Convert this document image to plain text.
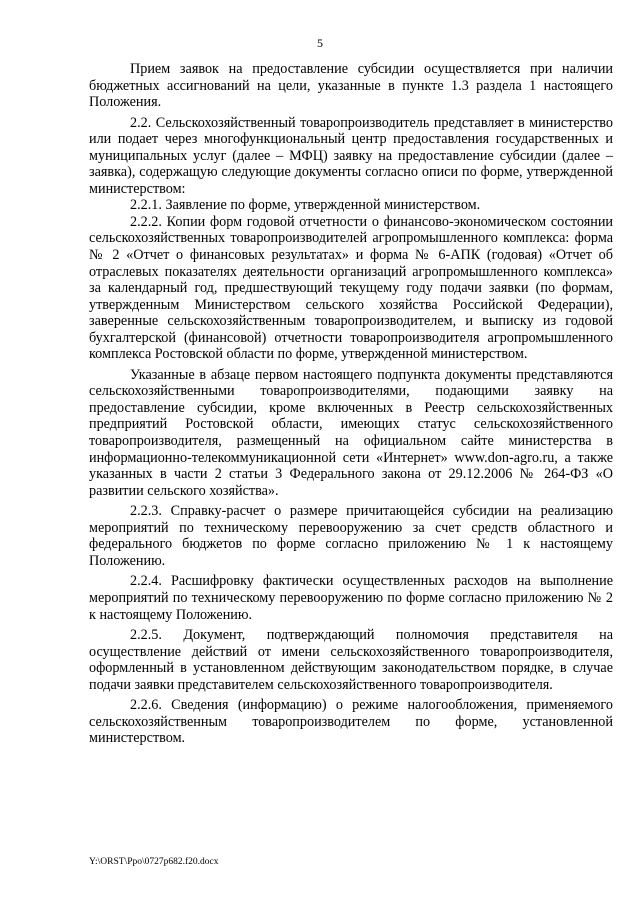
5

Прием заявок на предоставление субсидии осуществляется при наличии бюджетных ассигнований на цели, указанные в пункте 1.3 раздела 1 настоящего Положения.

2.2. Сельскохозяйственный товаропроизводитель представляет в министерство или подает через многофункциональный центр предоставления государственных и муниципальных услуг (далее – МФЦ) заявку на предоставление субсидии (далее – заявка), содержащую следующие документы согласно описи по форме, утвержденной министерством:

2.2.1. Заявление по форме, утвержденной министерством.

2.2.2. Копии форм годовой отчетности о финансово-экономическом состоянии сельскохозяйственных товаропроизводителей агропромышленного комплекса: форма № 2 «Отчет о финансовых результатах» и форма № 6-АПК (годовая) «Отчет об отраслевых показателях деятельности организаций агропромышленного комплекса» за календарный год, предшествующий текущему году подачи заявки (по формам, утвержденным Министерством сельского хозяйства Российской Федерации), заверенные сельскохозяйственным товаропроизводителем, и выписку из годовой бухгалтерской (финансовой) отчетности товаропроизводителя агропромышленного комплекса Ростовской области по форме, утвержденной министерством.

Указанные в абзаце первом настоящего подпункта документы представляются сельскохозяйственными товаропроизводителями, подающими заявку на предоставление субсидии, кроме включенных в Реестр сельскохозяйственных предприятий Ростовской области, имеющих статус сельскохозяйственного товаропроизводителя, размещенный на официальном сайте министерства в информационно-телекоммуникационной сети «Интернет» www.don-agro.ru, а также указанных в части 2 статьи 3 Федерального закона от 29.12.2006 № 264-ФЗ «О развитии сельского хозяйства».

2.2.3. Справку-расчет о размере причитающейся субсидии на реализацию мероприятий по техническому перевооружению за счет средств областного и федерального бюджетов по форме согласно приложению № 1 к настоящему Положению.

2.2.4. Расшифровку фактически осуществленных расходов на выполнение мероприятий по техническому перевооружению по форме согласно приложению № 2 к настоящему Положению.

2.2.5. Документ, подтверждающий полномочия представителя на осуществление действий от имени сельскохозяйственного товаропроизводителя, оформленный в установленном действующим законодательством порядке, в случае подачи заявки представителем сельскохозяйственного товаропроизводителя.

2.2.6. Сведения (информацию) о режиме налогообложения, применяемого сельскохозяйственным товаропроизводителем по форме, установленной министерством.

Y:\ORST\Ppo\0727p682.f20.docx
